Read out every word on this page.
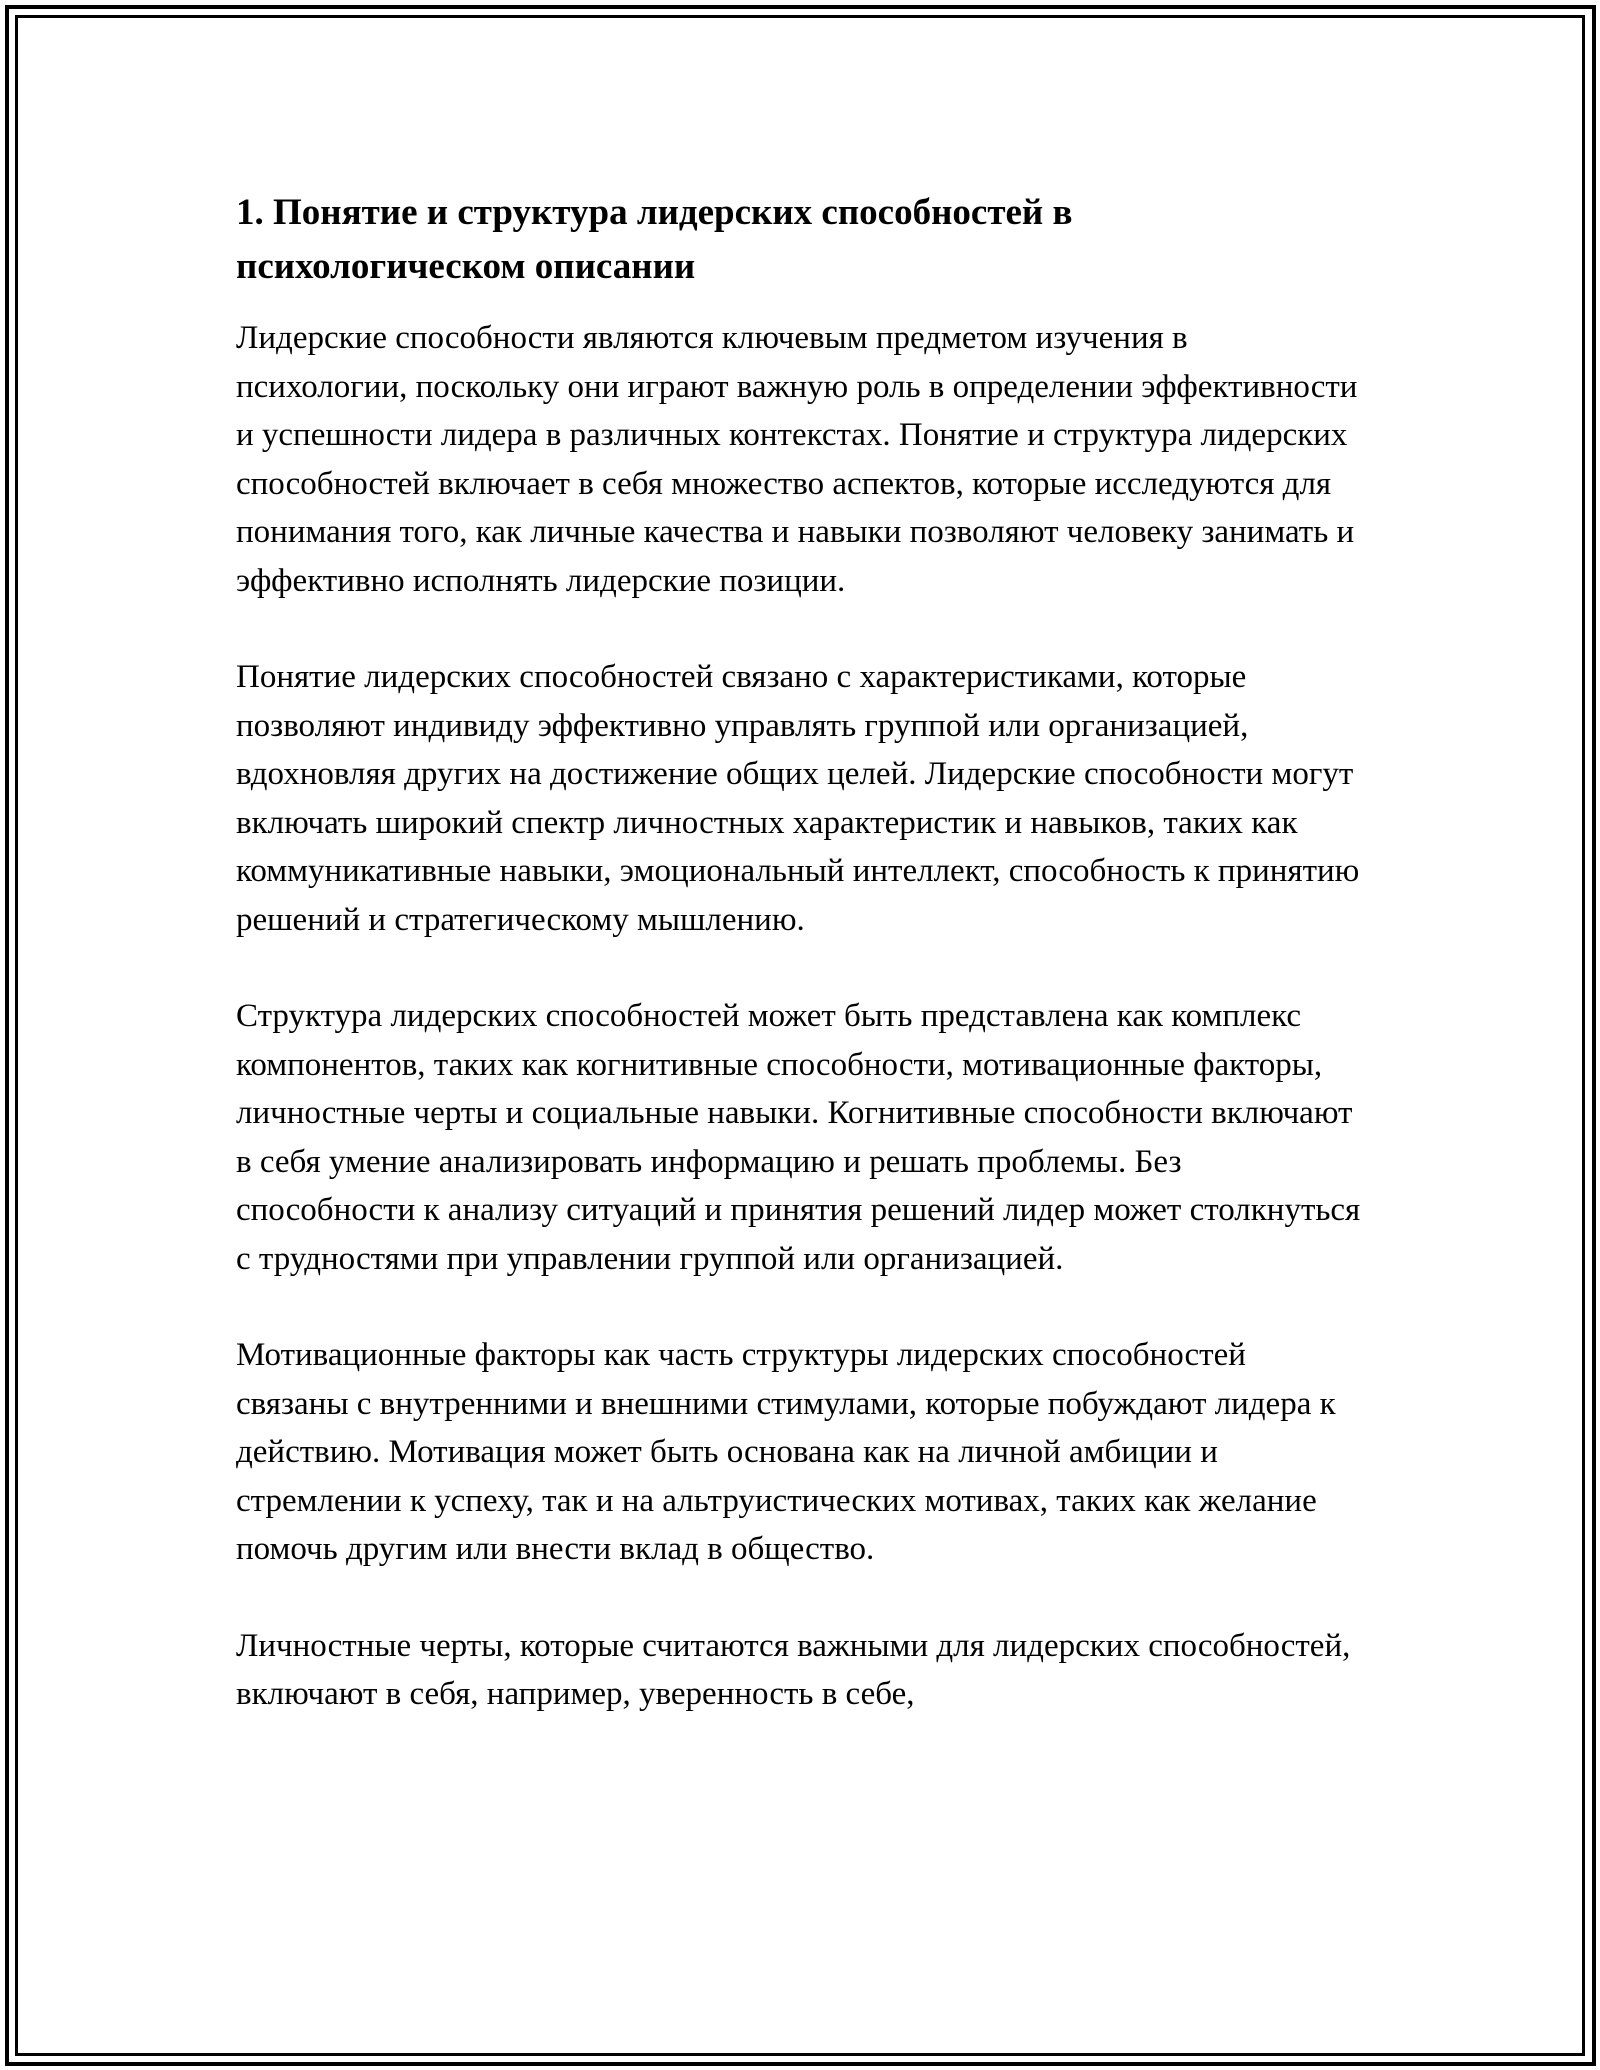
1. Понятие и структура лидерских способностей в психологическом описании

Лидерские способности являются ключевым предметом изучения в психологии, поскольку они играют важную роль в определении эффективности и успешности лидера в различных контекстах. Понятие и структура лидерских способностей включает в себя множество аспектов, которые исследуются для понимания того, как личные качества и навыки позволяют человеку занимать и эффективно исполнять лидерские позиции.

Понятие лидерских способностей связано с характеристиками, которые позволяют индивиду эффективно управлять группой или организацией, вдохновляя других на достижение общих целей. Лидерские способности могут включать широкий спектр личностных характеристик и навыков, таких как коммуникативные навыки, эмоциональный интеллект, способность к принятию решений и стратегическому мышлению.

Структура лидерских способностей может быть представлена как комплекс компонентов, таких как когнитивные способности, мотивационные факторы, личностные черты и социальные навыки. Когнитивные способности включают в себя умение анализировать информацию и решать проблемы. Без способности к анализу ситуаций и принятия решений лидер может столкнуться с трудностями при управлении группой или организацией.

Мотивационные факторы как часть структуры лидерских способностей связаны с внутренними и внешними стимулами, которые побуждают лидера к действию. Мотивация может быть основана как на личной амбиции и стремлении к успеху, так и на альтруистических мотивах, таких как желание помочь другим или внести вклад в общество.

Личностные черты, которые считаются важными для лидерских способностей, включают в себя, например, уверенность в себе,
